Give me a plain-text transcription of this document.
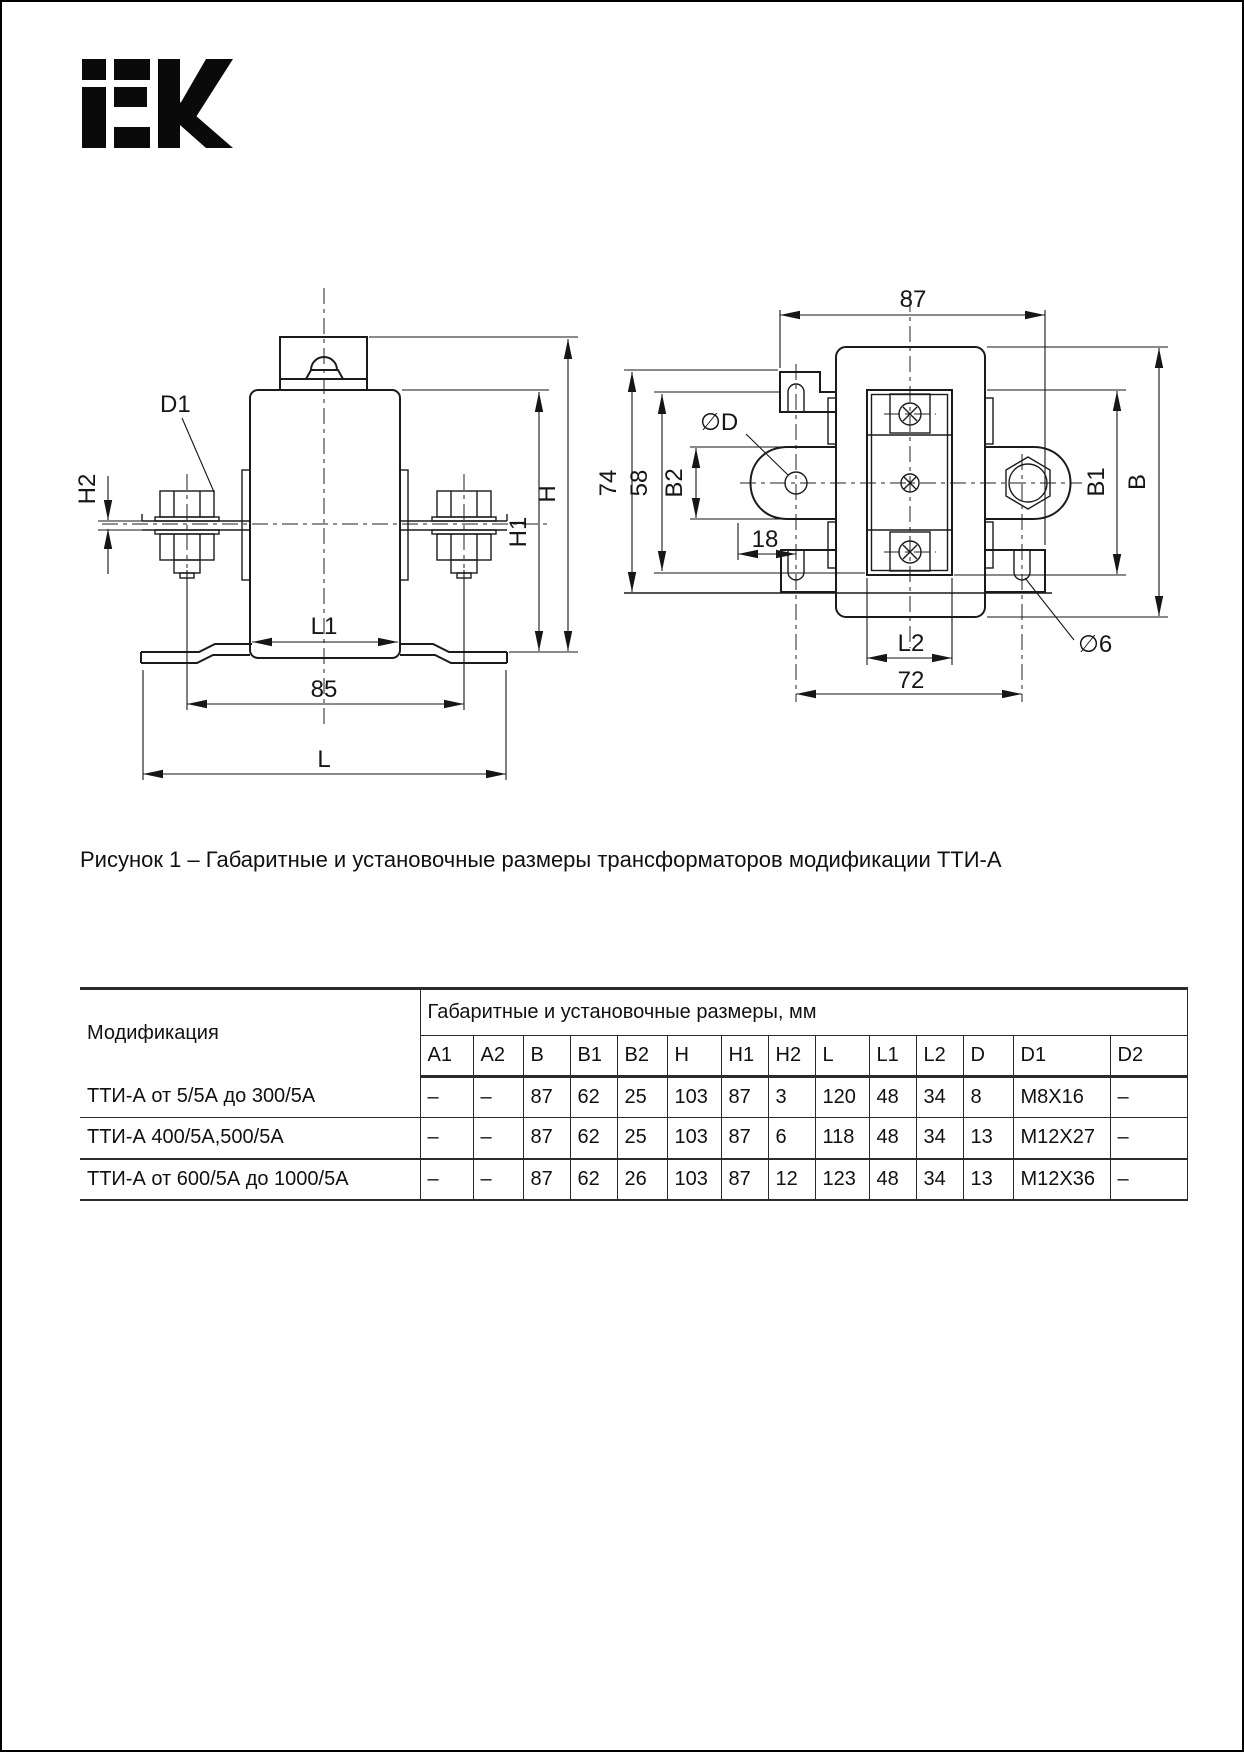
D1
H2
L1
85
L
H1
H
87
74 58
∅D
B2
18
L2
72
∅6
B1 B
Рисунок 1 – Габаритные и установочные размеры трансформаторов модификации ТТИ-А
Модификация	Габаритные и установочные размеры, мм													
	A1	A2	B	B1	B2	H	H1	H2	L	L1	L2	D	D1	D2
ТТИ-А от 5/5А до 300/5А	–	–	87	62	25	103	87	3	120	48	34	8	M8X16	–
ТТИ-А 400/5А,500/5А	–	–	87	62	25	103	87	6	118	48	34	13	M12X27	–
ТТИ-А от 600/5А до 1000/5А	–	–	87	62	26	103	87	12	123	48	34	13	M12X36	–
